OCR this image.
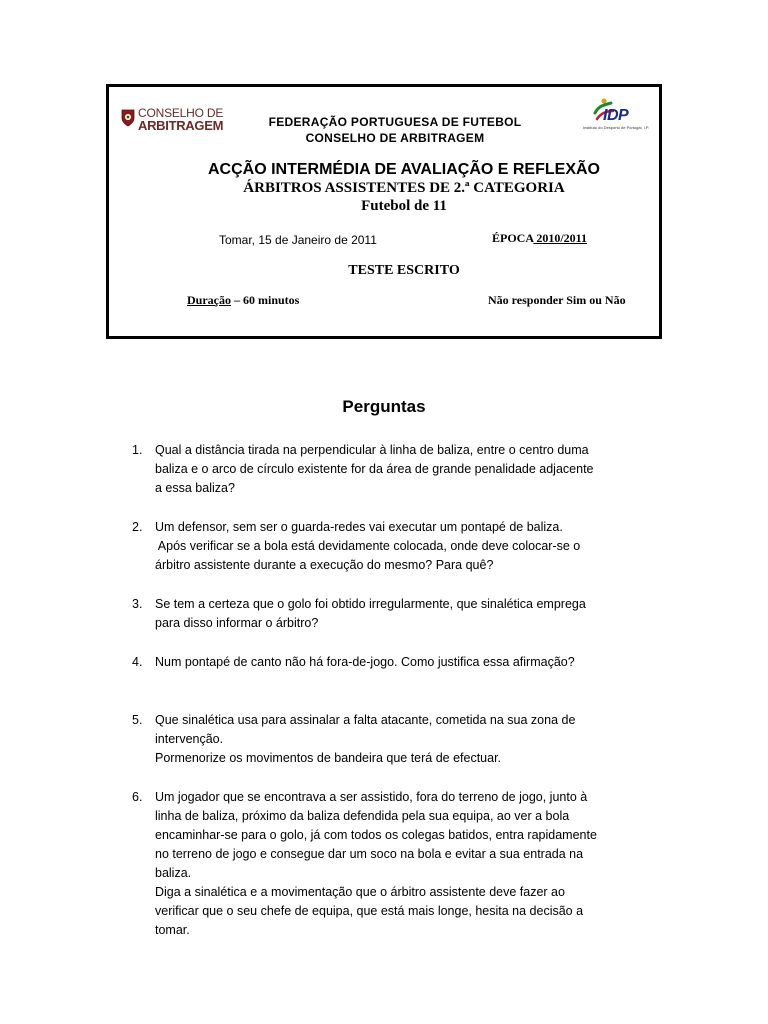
CONSELHO DE
ARBITRAGEM
IDP
Instituto do Desporto de Portugal, I.P.
FEDERAÇÃO PORTUGUESA DE FUTEBOL
CONSELHO DE ARBITRAGEM
ACÇÃO INTERMÉDIA DE AVALIAÇÃO E REFLEXÃO
ÁRBITROS ASSISTENTES DE 2.ª CATEGORIA
Futebol de 11
Tomar, 15 de Janeiro de 2011	ÉPOCA 2010/2011
TESTE ESCRITO
Duração – 60 minutos	Não responder Sim ou Não
Perguntas
1. Qual a distância tirada na perpendicular à linha de baliza, entre o centro duma

baliza e o arco de círculo existente for da área de grande penalidade adjacente

a essa baliza?

2. Um defensor, sem ser o guarda-redes vai executar um pontapé de baliza.

Após verificar se a bola está devidamente colocada, onde deve colocar-se o

árbitro assistente durante a execução do mesmo? Para quê?

3. Se tem a certeza que o golo foi obtido irregularmente, que sinalética emprega

para disso informar o árbitro?

4. Num pontapé de canto não há fora-de-jogo. Como justifica essa afirmação?

5. Que sinalética usa para assinalar a falta atacante, cometida na sua zona de

intervenção.

Pormenorize os movimentos de bandeira que terá de efectuar.

6. Um jogador que se encontrava a ser assistido, fora do terreno de jogo, junto à

linha de baliza, próximo da baliza defendida pela sua equipa, ao ver a bola

encaminhar-se para o golo, já com todos os colegas batidos, entra rapidamente

no terreno de jogo e consegue dar um soco na bola e evitar a sua entrada na

baliza.

Diga a sinalética e a movimentação que o árbitro assistente deve fazer ao

verificar que o seu chefe de equipa, que está mais longe, hesita na decisão a

tomar.
